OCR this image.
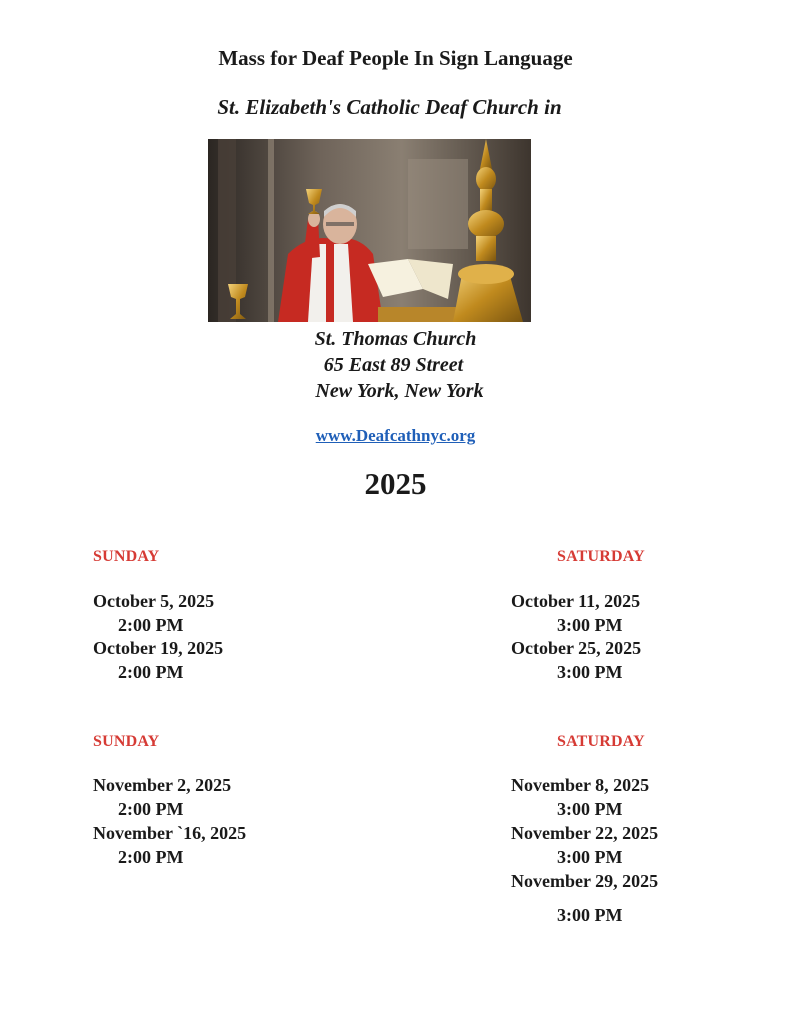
Mass for Deaf People In Sign Language
St. Elizabeth's Catholic Deaf Church in
St. Thomas Church
65 East 89 Street
New York, New York
www.Deafcathnyc.org
2025
SUNDAY
October 5, 2025
2:00 PM
October 19, 2025
2:00 PM
SATURDAY
October 11, 2025
3:00 PM
October 25, 2025
3:00 PM
SUNDAY
November 2, 2025
2:00 PM
November `16, 2025
2:00 PM
SATURDAY
November 8, 2025
3:00 PM
November 22, 2025
3:00 PM
November 29, 2025
3:00 PM
